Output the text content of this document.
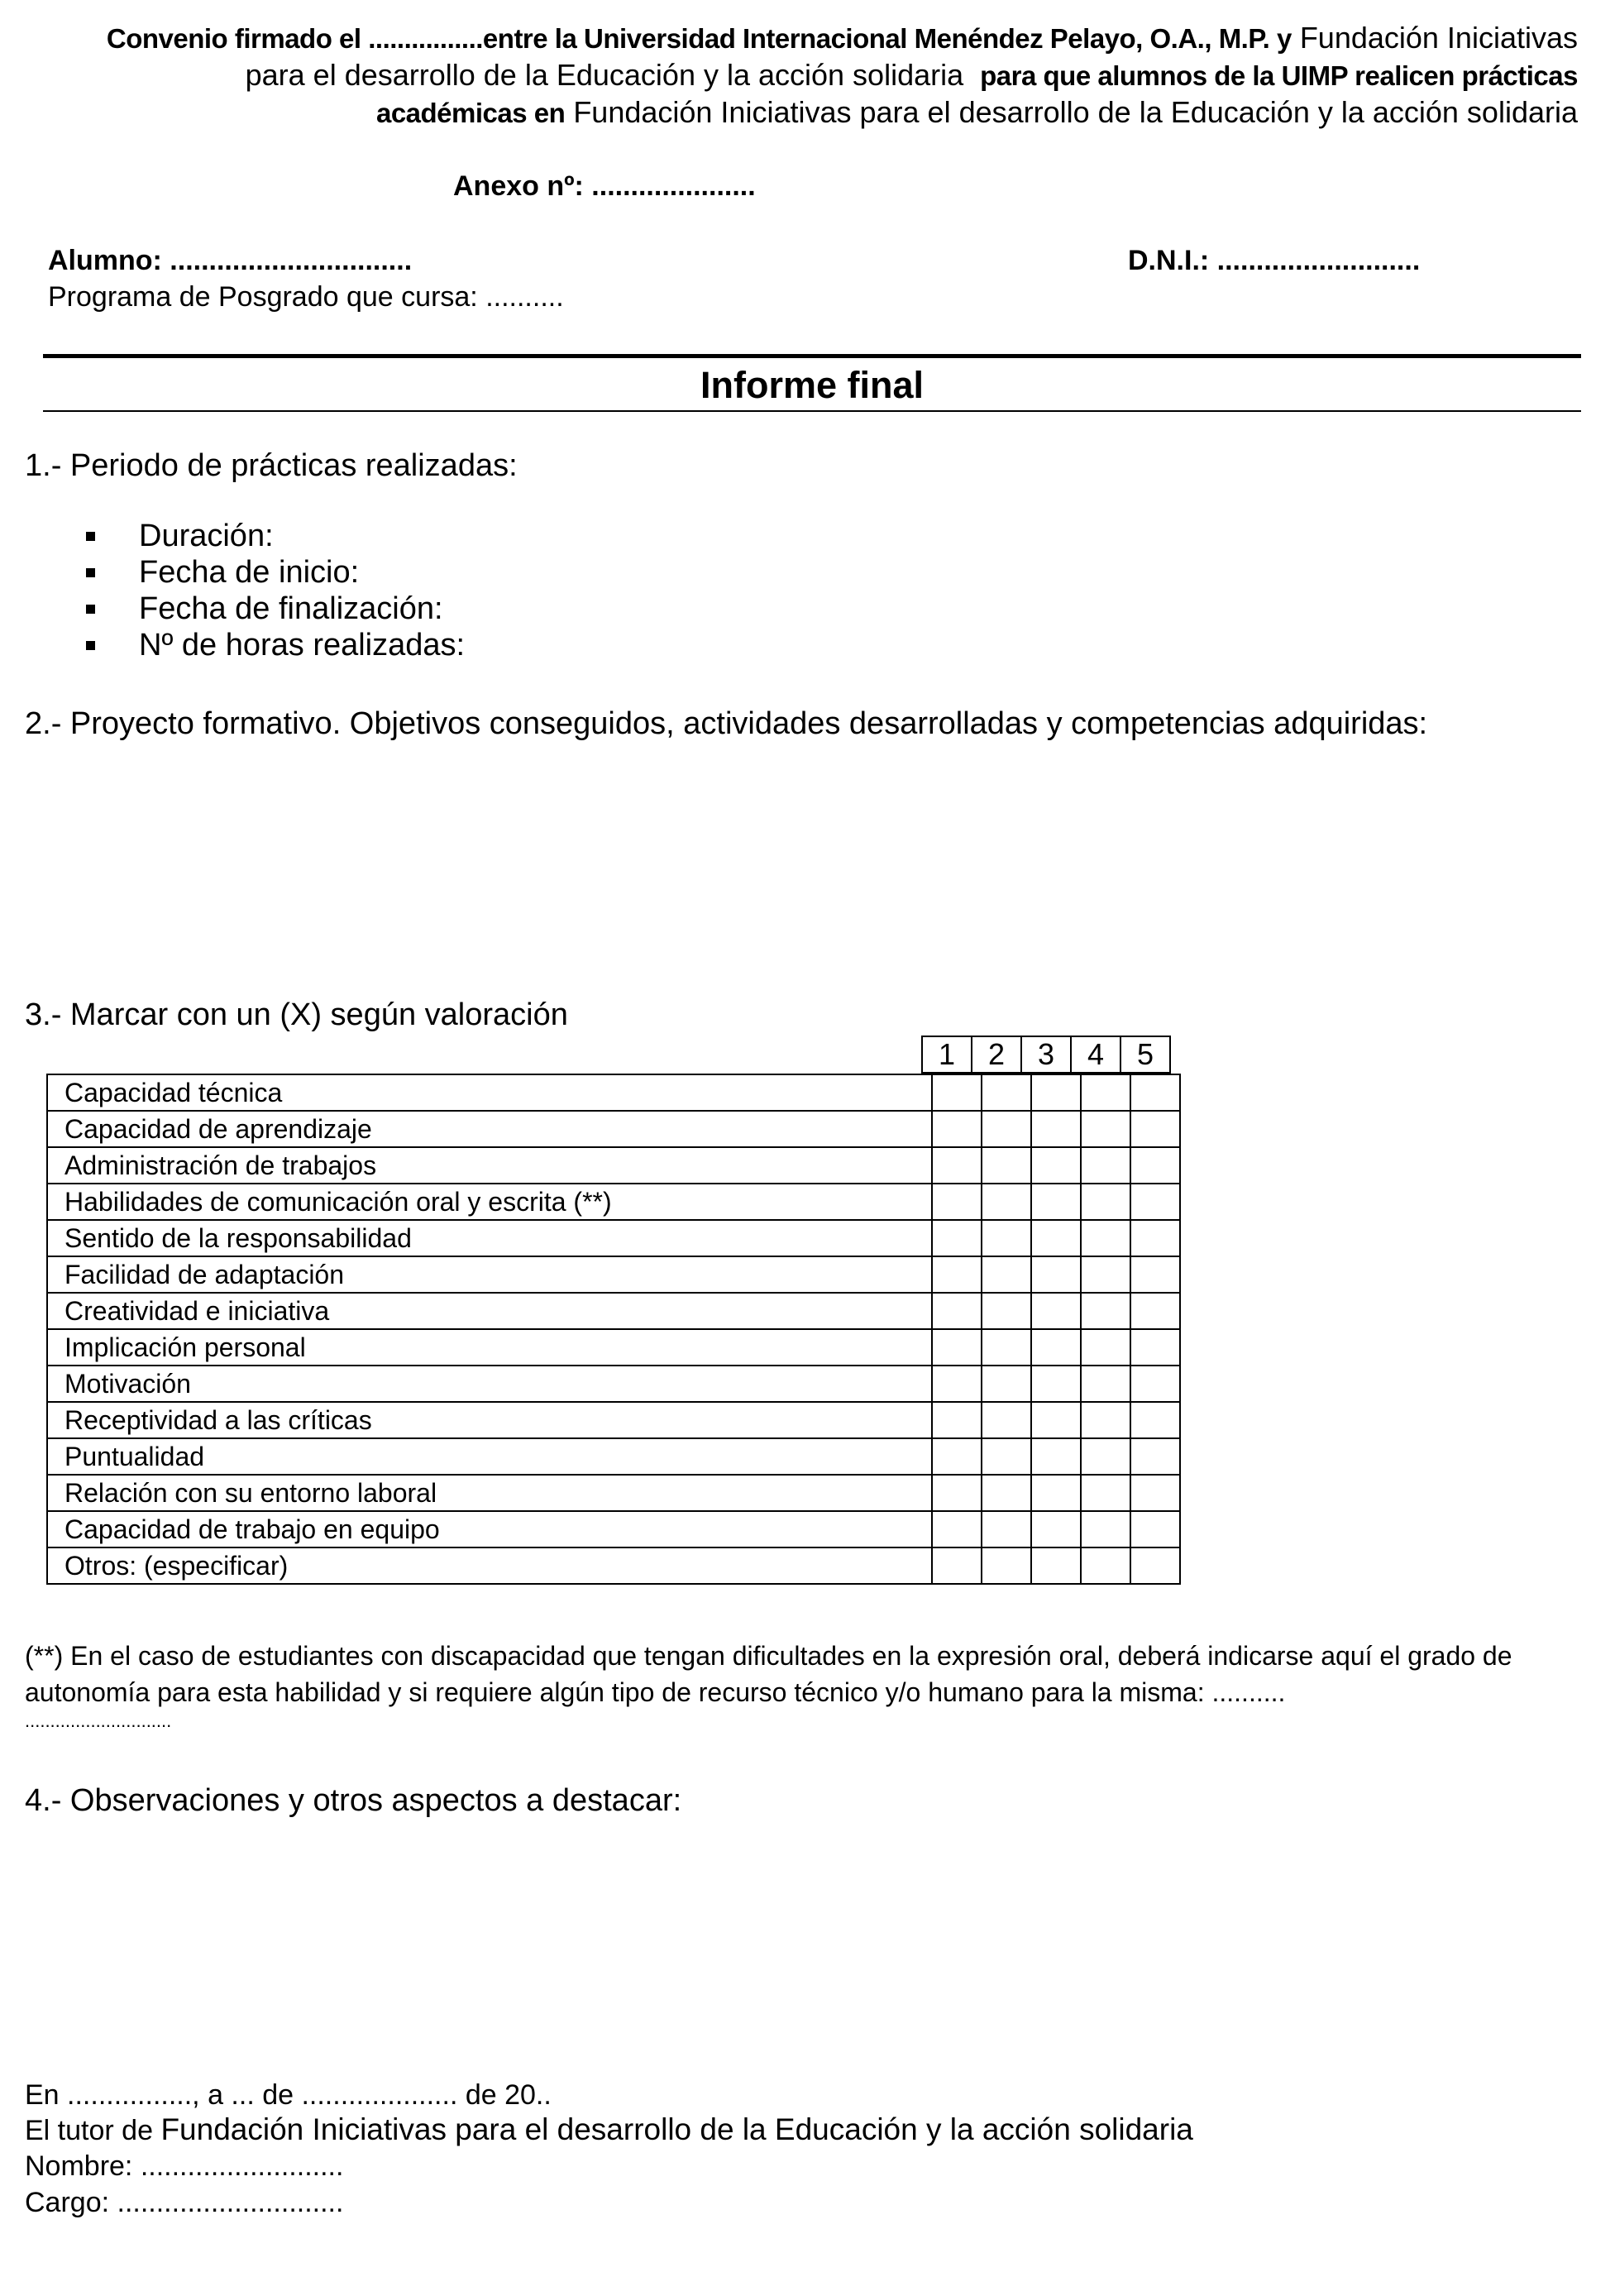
Convenio firmado el ................entre la Universidad Internacional Menéndez Pelayo, O.A., M.P. y Fundación Iniciativas
para el desarrollo de la Educación y la acción solidaria para que alumnos de la UIMP realicen prácticas
académicas en Fundación Iniciativas para el desarrollo de la Educación y la acción solidaria
Anexo nº: .....................
Alumno: ...............................	D.N.I.: ..........................
Programa de Posgrado que cursa: ..........
Informe final
1.- Periodo de prácticas realizadas:
Duración:
Fecha de inicio:
Fecha de finalización:
Nº de horas realizadas:
2.- Proyecto formativo. Objetivos conseguidos, actividades desarrolladas y competencias adquiridas:
3.- Marcar con un (X) según valoración
1	2	3	4	5
Capacidad técnica					
Capacidad de aprendizaje					
Administración de trabajos					
Habilidades de comunicación oral y escrita (**)					
Sentido de la responsabilidad					
Facilidad de adaptación					
Creatividad e iniciativa					
Implicación personal					
Motivación					
Receptividad a las críticas					
Puntualidad					
Relación con su entorno laboral					
Capacidad de trabajo en equipo					
Otros: (especificar)					
(**) En el caso de estudiantes con discapacidad que tengan dificultades en la expresión oral, deberá indicarse aquí el grado de
autonomía para esta habilidad y si requiere algún tipo de recurso técnico y/o humano para la misma: ..........
.............................
4.- Observaciones y otros aspectos a destacar:
En ................, a ... de .................... de 20..
El tutor de Fundación Iniciativas para el desarrollo de la Educación y la acción solidaria
Nombre: ..........................
Cargo: .............................
